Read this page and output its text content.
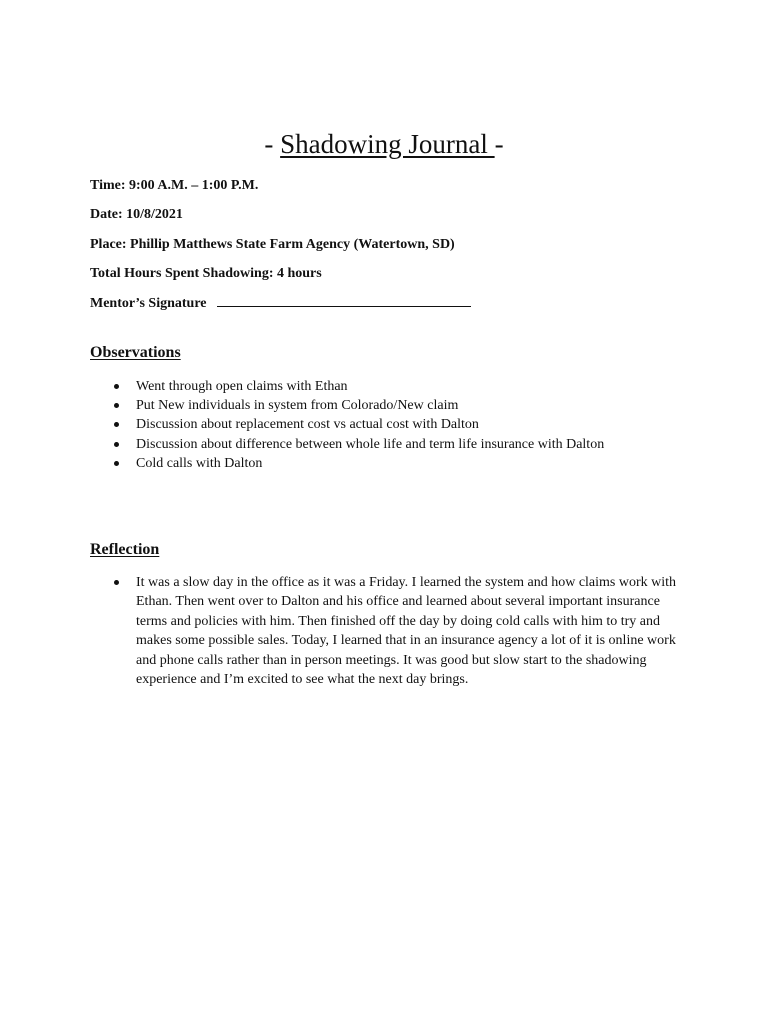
- Shadowing Journal -
Time: 9:00 A.M. – 1:00 P.M.
Date: 10/8/2021
Place: Phillip Matthews State Farm Agency (Watertown, SD)
Total Hours Spent Shadowing: 4 hours
Mentor’s Signature
Observations
Went through open claims with Ethan
Put New individuals in system from Colorado/New claim
Discussion about replacement cost vs actual cost with Dalton
Discussion about difference between whole life and term life insurance with Dalton
Cold calls with Dalton
Reflection
It was a slow day in the office as it was a Friday. I learned the system and how claims work with Ethan. Then went over to Dalton and his office and learned about several important insurance terms and policies with him. Then finished off the day by doing cold calls with him to try and makes some possible sales. Today, I learned that in an insurance agency a lot of it is online work and phone calls rather than in person meetings. It was good but slow start to the shadowing experience and I’m excited to see what the next day brings.
